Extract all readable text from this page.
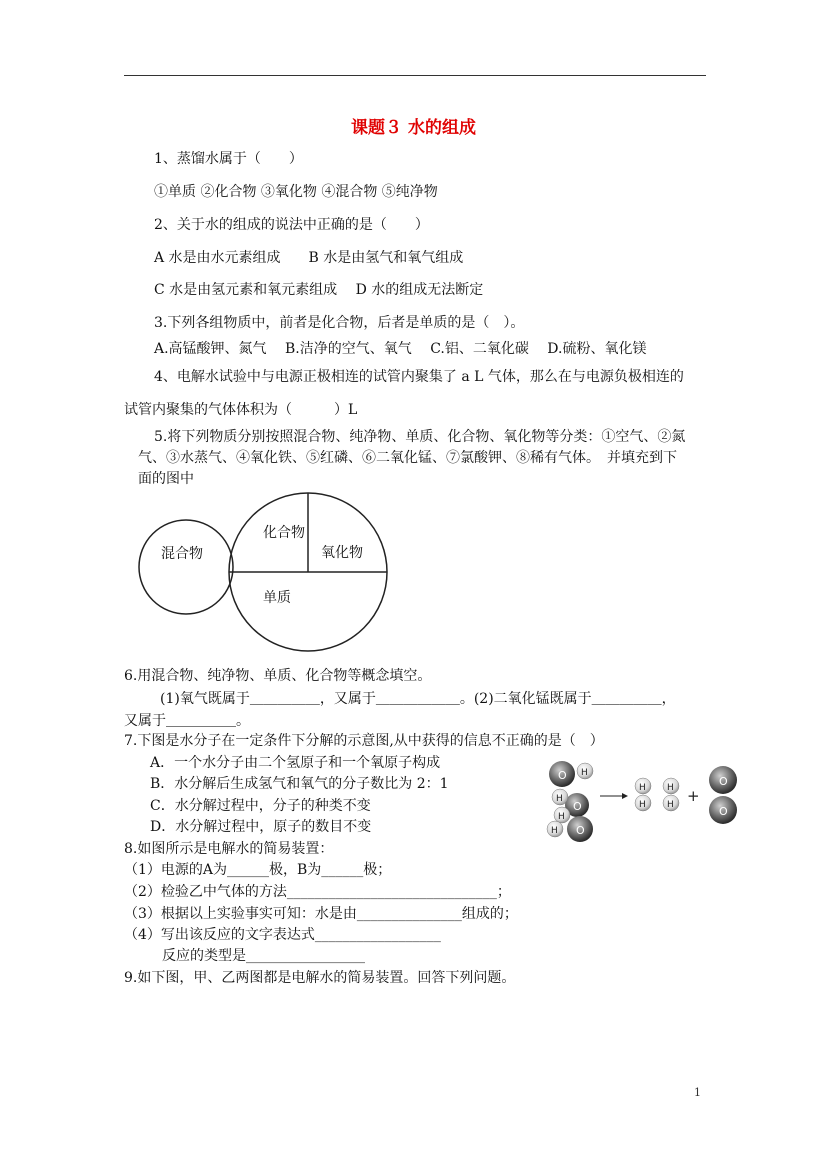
课题３ 水的组成
1、蒸馏水属于（　　）
①单质 ②化合物 ③氧化物 ④混合物 ⑤纯净物
2、关于水的组成的说法中正确的是（　　）
A 水是由水元素组成　　B 水是由氢气和氧气组成
C 水是由氢元素和氧元素组成　 D 水的组成无法断定
3.下列各组物质中，前者是化合物，后者是单质的是（　）。
A.高锰酸钾、氮气　 B.洁净的空气、氧气　 C.铝、二氧化碳　 D.硫粉、氧化镁
4、电解水试验中与电源正极相连的试管内聚集了 a L 气体，那么在与电源负极相连的
试管内聚集的气体体积为（　　　）L
5.将下列物质分别按照混合物、纯净物、单质、化合物、氧化物等分类：①空气、②氮
气、③水蒸气、④氧化铁、⑤红磷、⑥二氧化锰、⑦氯酸钾、⑧稀有气体。　并填充到下
面的图中
混合物
化合物
氧化物
单质
6.用混合物、纯净物、单质、化合物等概念填空。
(1)氧气既属于＿＿＿＿＿，又属于＿＿＿＿＿＿。(2)二氧化锰既属于＿＿＿＿＿，
又属于＿＿＿＿＿。
7.下图是水分子在一定条件下分解的示意图,从中获得的信息不正确的是（　）
A．一个水分子由二个氢原子和一个氧原子构成
B．水分解后生成氢气和氧气的分子数比为 2：1
C．水分解过程中，分子的种类不变
D．水分解过程中，原子的数目不变
O H
O
H
H
O
H
H
H
H
H +
O
O
8.如图所示是电解水的简易装置：
（1）电源的A为______极，B为______极；
（2）检验乙中气体的方法______________________________；
（3）根据以上实验事实可知：水是由_______________组成的；
（4）写出该反应的文字表达式__________________
反应的类型是_________________
9.如下图，甲、乙两图都是电解水的简易装置。回答下列问题。
1
